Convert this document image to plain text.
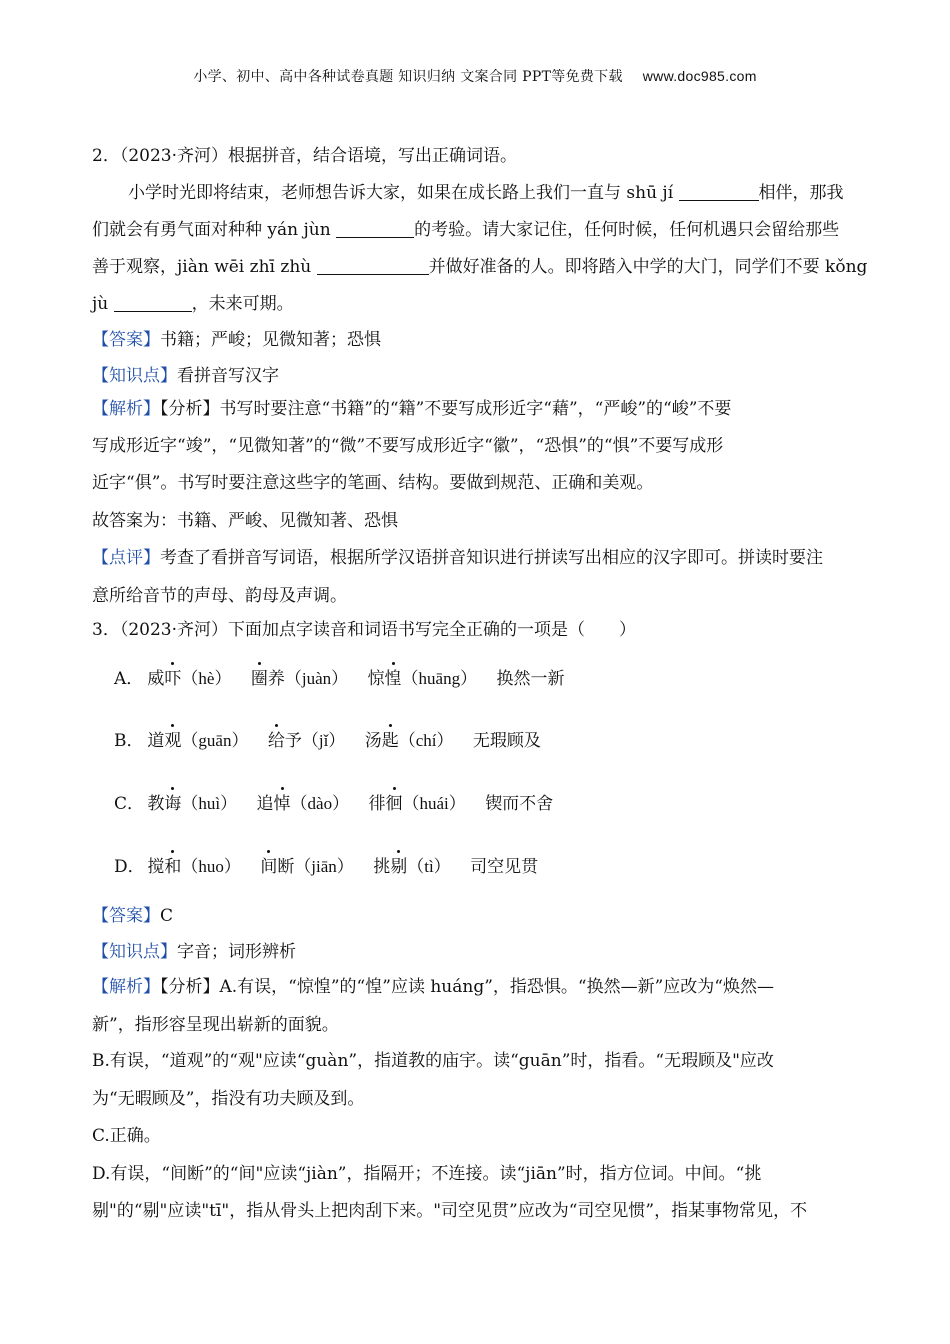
小学、初中、高中各种试卷真题 知识归纳 文案合同 PPT等免费下载 www.doc985.com
2．（2023·齐河）根据拼音，结合语境，写出正确词语。
小学时光即将结束，老师想告诉大家，如果在成长路上我们一直与 shū jí	相伴，那我
们就会有勇气面对种种 yán jùn	的考验。请大家记住，任何时候，任何机遇只会留给那些
善于观察，jiàn wēi zhī zhù	并做好准备的人。即将踏入中学的大门，同学们不要 kǒng
jù	，未来可期。
【答案】书籍；严峻；见微知著；恐惧
【知识点】看拼音写汉字
【解析】【分析】书写时要注意“书籍”的“籍”不要写成形近字“藉”，“严峻”的“峻”不要
写成形近字“竣”，“见微知著”的“微”不要写成形近字“徽”，“恐惧”的“惧”不要写成形
近字“俱”。书写时要注意这些字的笔画、结构。要做到规范、正确和美观。
故答案为：书籍、严峻、见微知著、恐惧
【点评】考查了看拼音写词语，根据所学汉语拼音知识进行拼读写出相应的汉字即可。拼读时要注
意所给音节的声母、韵母及声调。
3．（2023·齐河）下面加点字读音和词语书写完全正确的一项是（　　）
A． 威吓（hè） 圈养（juàn） 惊惶（huāng） 换然一新
B． 道观（guān） 给予（jǐ） 汤匙（chí） 无瑕顾及
C． 教诲（huì） 追悼（dào） 徘徊（huái） 锲而不舍
D． 搅和（huo） 间断（jiān） 挑剔（tì） 司空见贯
【答案】C
【知识点】字音；词形辨析
【解析】【分析】A.有误，“惊惶”的“惶”应读 huáng”，指恐惧。“换然—新”应改为“焕然—
新”，指形容呈现出崭新的面貌。
B.有误，“道观”的“观"应读“guàn”，指道教的庙宇。读“guān”时，指看。“无瑕顾及"应改
为“无暇顾及”，指没有功夫顾及到。
C.正确。
D.有误，“间断”的“间"应读“jiàn”，指隔开；不连接。读“jiān”时，指方位词。中间。“挑
剔"的“剔"应读"tī"，指从骨头上把肉刮下来。"司空见贯”应改为“司空见惯”，指某事物常见，不
